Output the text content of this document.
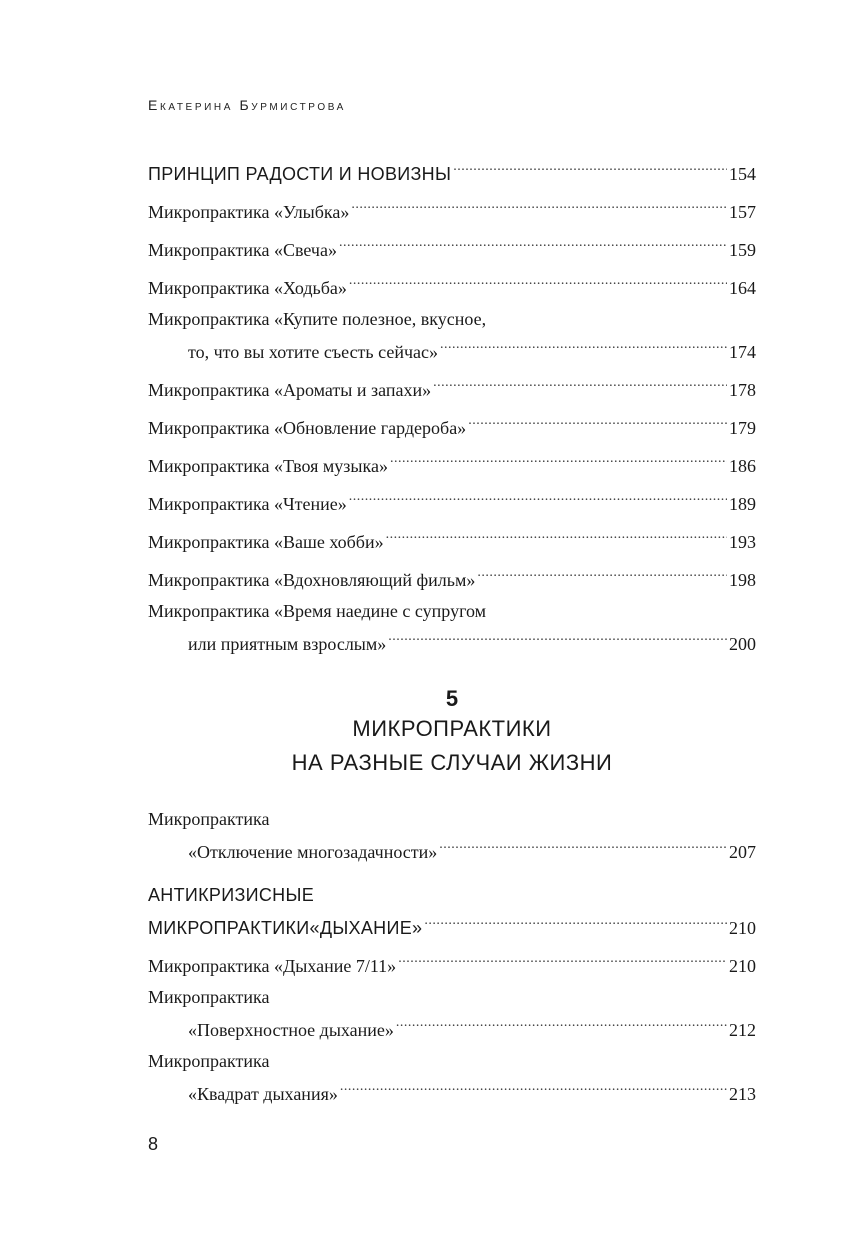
Екатерина Бурмистрова
ПРИНЦИП РАДОСТИ И НОВИЗНЫ .....	154
Микропрактика «Улыбка» .....	157
Микропрактика «Свеча» .....	159
Микропрактика «Ходьба» .....	164
Микропрактика «Купите полезное, вкусное,
то, что вы хотите съесть сейчас» .....	174
Микропрактика «Ароматы и запахи» .....	178
Микропрактика «Обновление гардероба» .....	179
Микропрактика «Твоя музыка» .....	186
Микропрактика «Чтение» .....	189
Микропрактика «Ваше хобби» .....	193
Микропрактика «Вдохновляющий фильм» .....	198
Микропрактика «Время наедине с супругом
или приятным взрослым» .....	200
5
МИКРОПРАКТИКИ
НА РАЗНЫЕ СЛУЧАИ ЖИЗНИ
Микропрактика
«Отключение многозадачности» .....	207
АНТИКРИЗИСНЫЕ
МИКРОПРАКТИКИ«ДЫХАНИЕ» .....	210
Микропрактика «Дыхание 7/11» .....	210
Микропрактика
«Поверхностное дыхание» .....	212
Микропрактика
«Квадрат дыхания» .....	213
8
